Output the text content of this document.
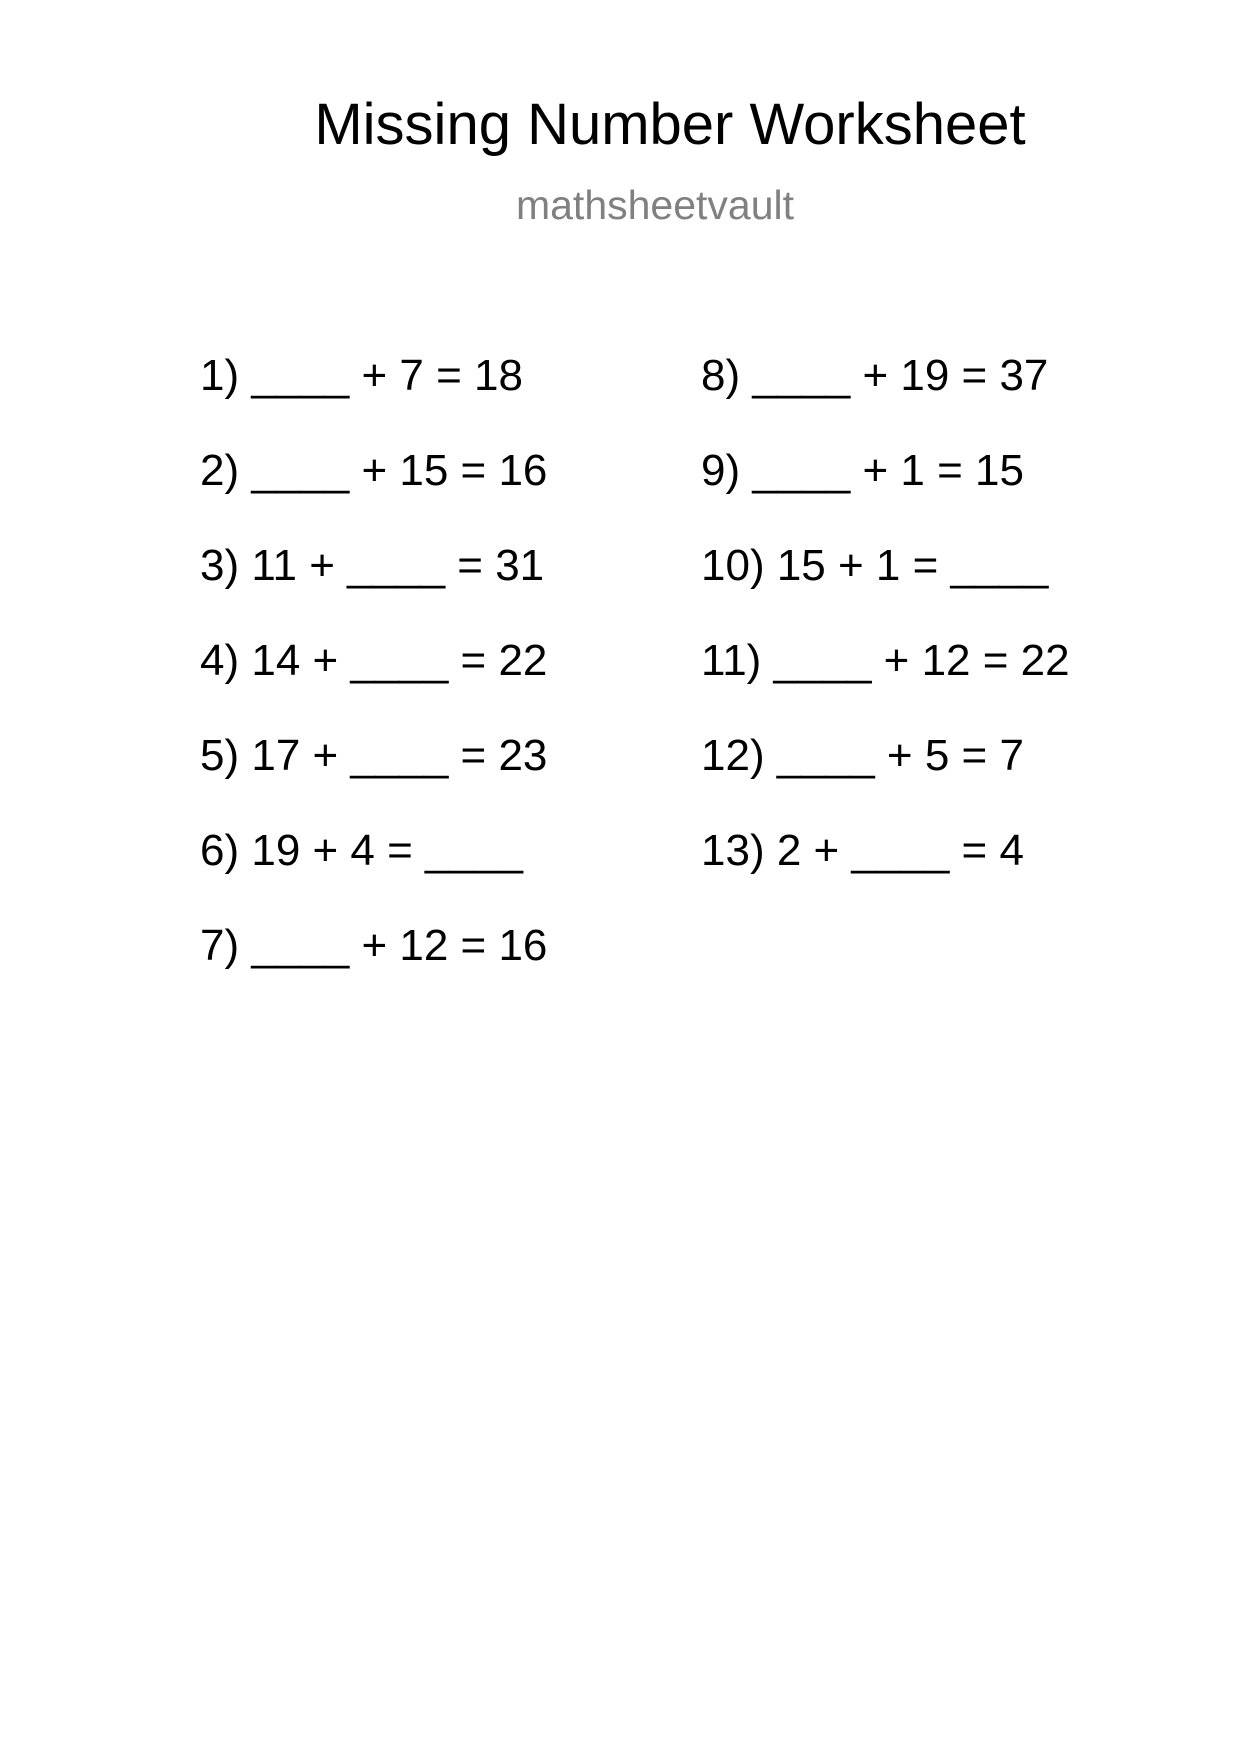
Missing Number Worksheet
mathsheetvault
1) ____ + 7 = 18
2) ____ + 15 = 16
3) 11 + ____ = 31
4) 14 + ____ = 22
5) 17 + ____ = 23
6) 19 + 4 = ____
7) ____ + 12 = 16
8) ____ + 19 = 37
9) ____ + 1 = 15
10) 15 + 1 = ____
11) ____ + 12 = 22
12) ____ + 5 = 7
13) 2 + ____ = 4
